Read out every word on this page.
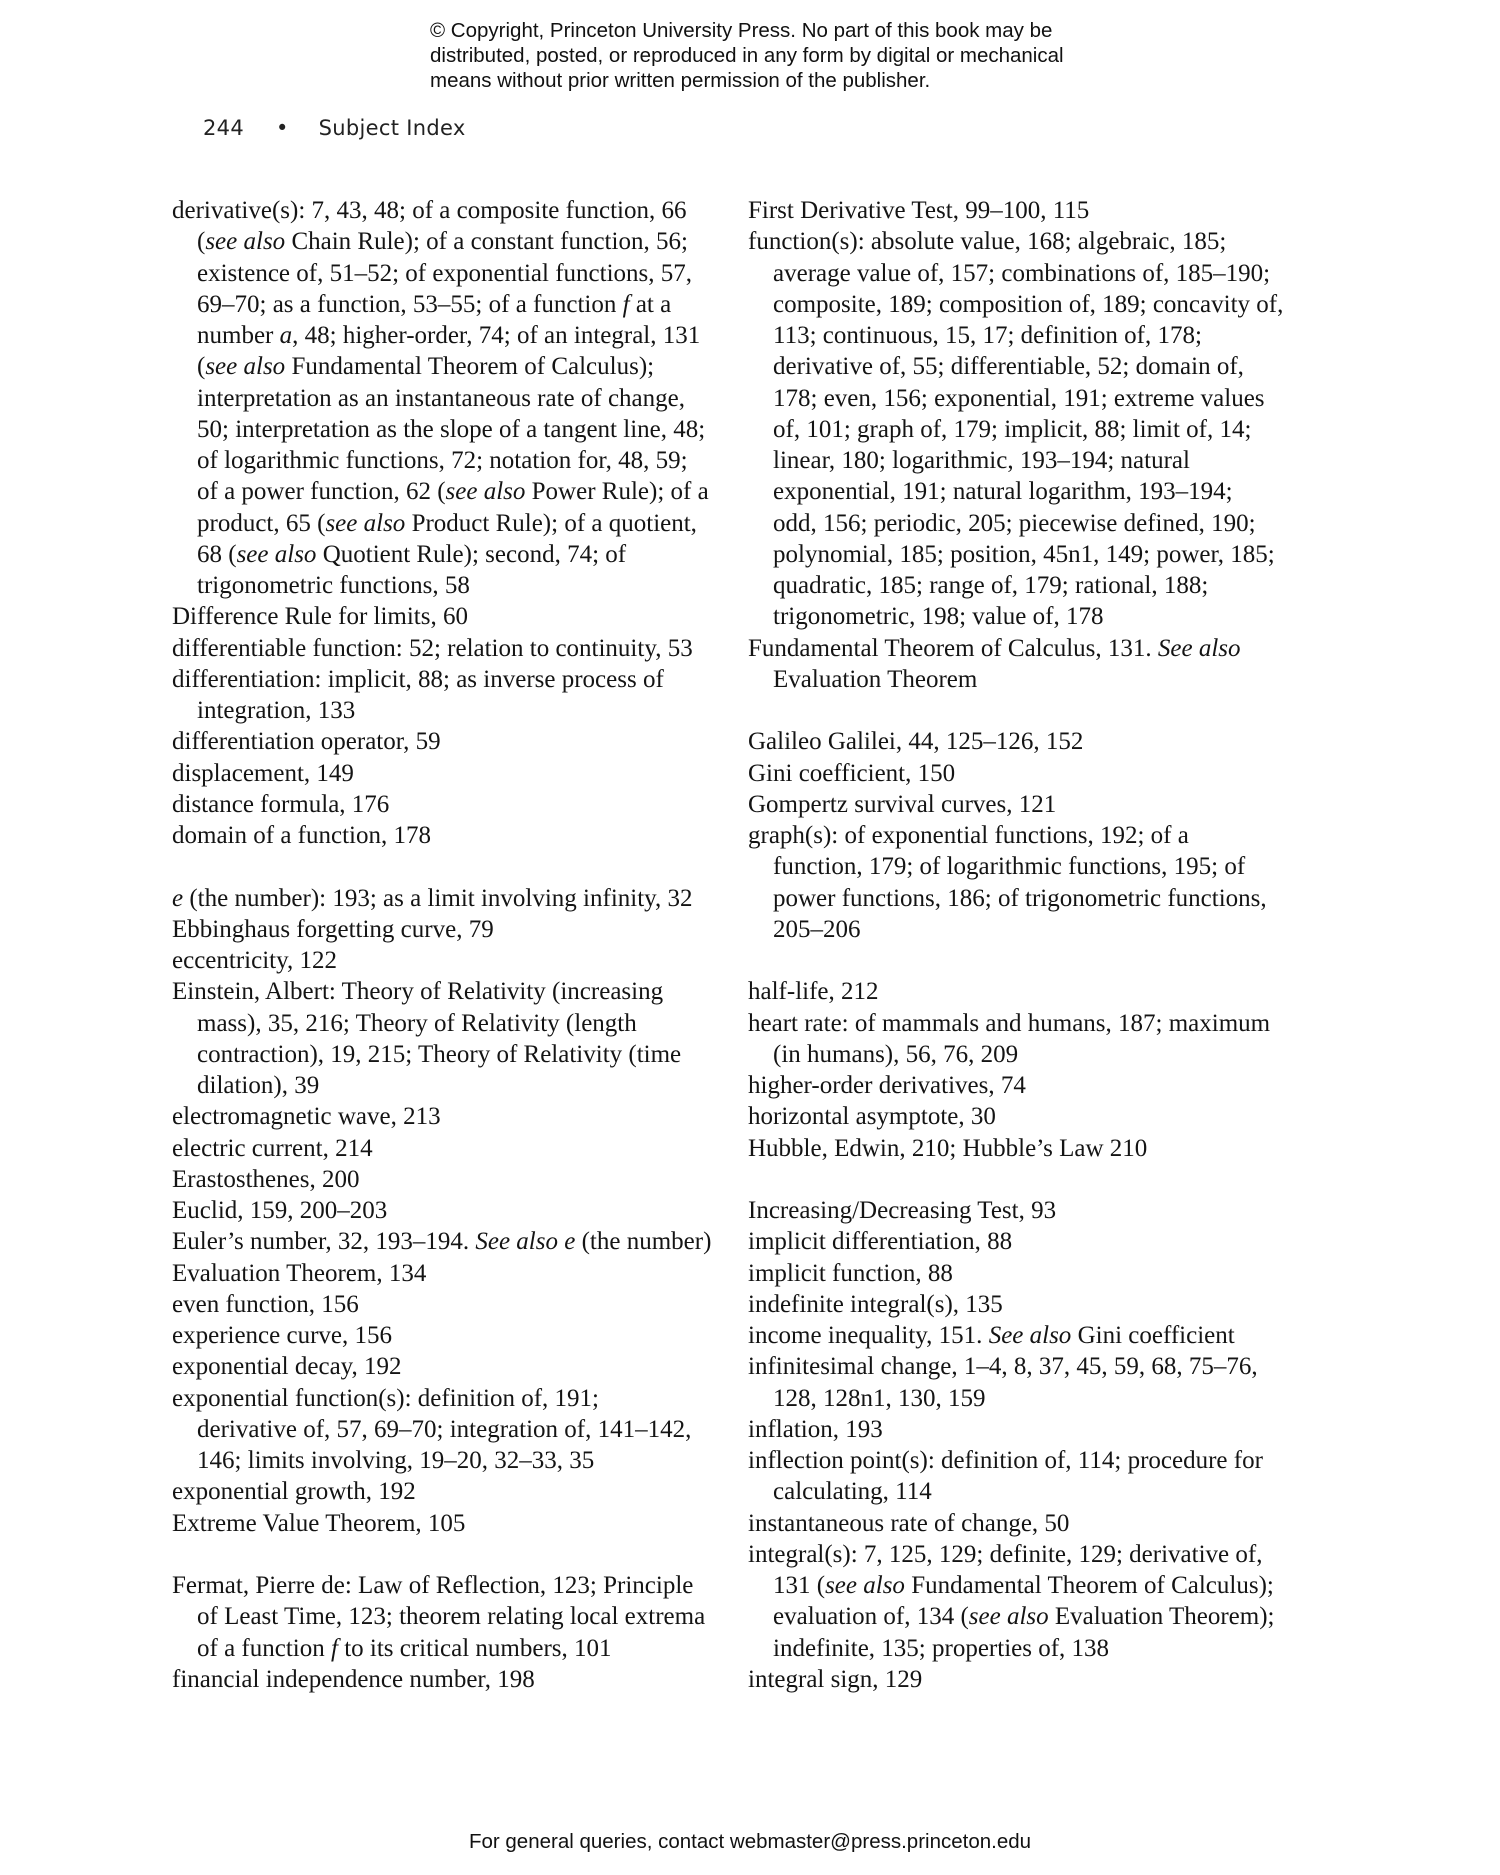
© Copyright, Princeton University Press. No part of this book may be
distributed, posted, or reproduced in any form by digital or mechanical
means without prior written permission of the publisher.
244 • Subject Index
derivative(s): 7, 43, 48; of a composite function, 66
(see also Chain Rule); of a constant function, 56;
existence of, 51–52; of exponential functions, 57,
69–70; as a function, 53–55; of a function f at a
number a, 48; higher-order, 74; of an integral, 131
(see also Fundamental Theorem of Calculus);
interpretation as an instantaneous rate of change,
50; interpretation as the slope of a tangent line, 48;
of logarithmic functions, 72; notation for, 48, 59;
of a power function, 62 (see also Power Rule); of a
product, 65 (see also Product Rule); of a quotient,
68 (see also Quotient Rule); second, 74; of
trigonometric functions, 58
Difference Rule for limits, 60
differentiable function: 52; relation to continuity, 53
differentiation: implicit, 88; as inverse process of
integration, 133
differentiation operator, 59
displacement, 149
distance formula, 176
domain of a function, 178
e (the number): 193; as a limit involving infinity, 32
Ebbinghaus forgetting curve, 79
eccentricity, 122
Einstein, Albert: Theory of Relativity (increasing
mass), 35, 216; Theory of Relativity (length
contraction), 19, 215; Theory of Relativity (time
dilation), 39
electromagnetic wave, 213
electric current, 214
Erastosthenes, 200
Euclid, 159, 200–203
Euler’s number, 32, 193–194. See also e (the number)
Evaluation Theorem, 134
even function, 156
experience curve, 156
exponential decay, 192
exponential function(s): definition of, 191;
derivative of, 57, 69–70; integration of, 141–142,
146; limits involving, 19–20, 32–33, 35
exponential growth, 192
Extreme Value Theorem, 105
Fermat, Pierre de: Law of Reflection, 123; Principle
of Least Time, 123; theorem relating local extrema
of a function f to its critical numbers, 101
financial independence number, 198
First Derivative Test, 99–100, 115
function(s): absolute value, 168; algebraic, 185;
average value of, 157; combinations of, 185–190;
composite, 189; composition of, 189; concavity of,
113; continuous, 15, 17; definition of, 178;
derivative of, 55; differentiable, 52; domain of,
178; even, 156; exponential, 191; extreme values
of, 101; graph of, 179; implicit, 88; limit of, 14;
linear, 180; logarithmic, 193–194; natural
exponential, 191; natural logarithm, 193–194;
odd, 156; periodic, 205; piecewise defined, 190;
polynomial, 185; position, 45n1, 149; power, 185;
quadratic, 185; range of, 179; rational, 188;
trigonometric, 198; value of, 178
Fundamental Theorem of Calculus, 131. See also
Evaluation Theorem
Galileo Galilei, 44, 125–126, 152
Gini coefficient, 150
Gompertz survival curves, 121
graph(s): of exponential functions, 192; of a
function, 179; of logarithmic functions, 195; of
power functions, 186; of trigonometric functions,
205–206
half-life, 212
heart rate: of mammals and humans, 187; maximum
(in humans), 56, 76, 209
higher-order derivatives, 74
horizontal asymptote, 30
Hubble, Edwin, 210; Hubble’s Law 210
Increasing/Decreasing Test, 93
implicit differentiation, 88
implicit function, 88
indefinite integral(s), 135
income inequality, 151. See also Gini coefficient
infinitesimal change, 1–4, 8, 37, 45, 59, 68, 75–76,
128, 128n1, 130, 159
inflation, 193
inflection point(s): definition of, 114; procedure for
calculating, 114
instantaneous rate of change, 50
integral(s): 7, 125, 129; definite, 129; derivative of,
131 (see also Fundamental Theorem of Calculus);
evaluation of, 134 (see also Evaluation Theorem);
indefinite, 135; properties of, 138
integral sign, 129
For general queries, contact webmaster@press.princeton.edu
